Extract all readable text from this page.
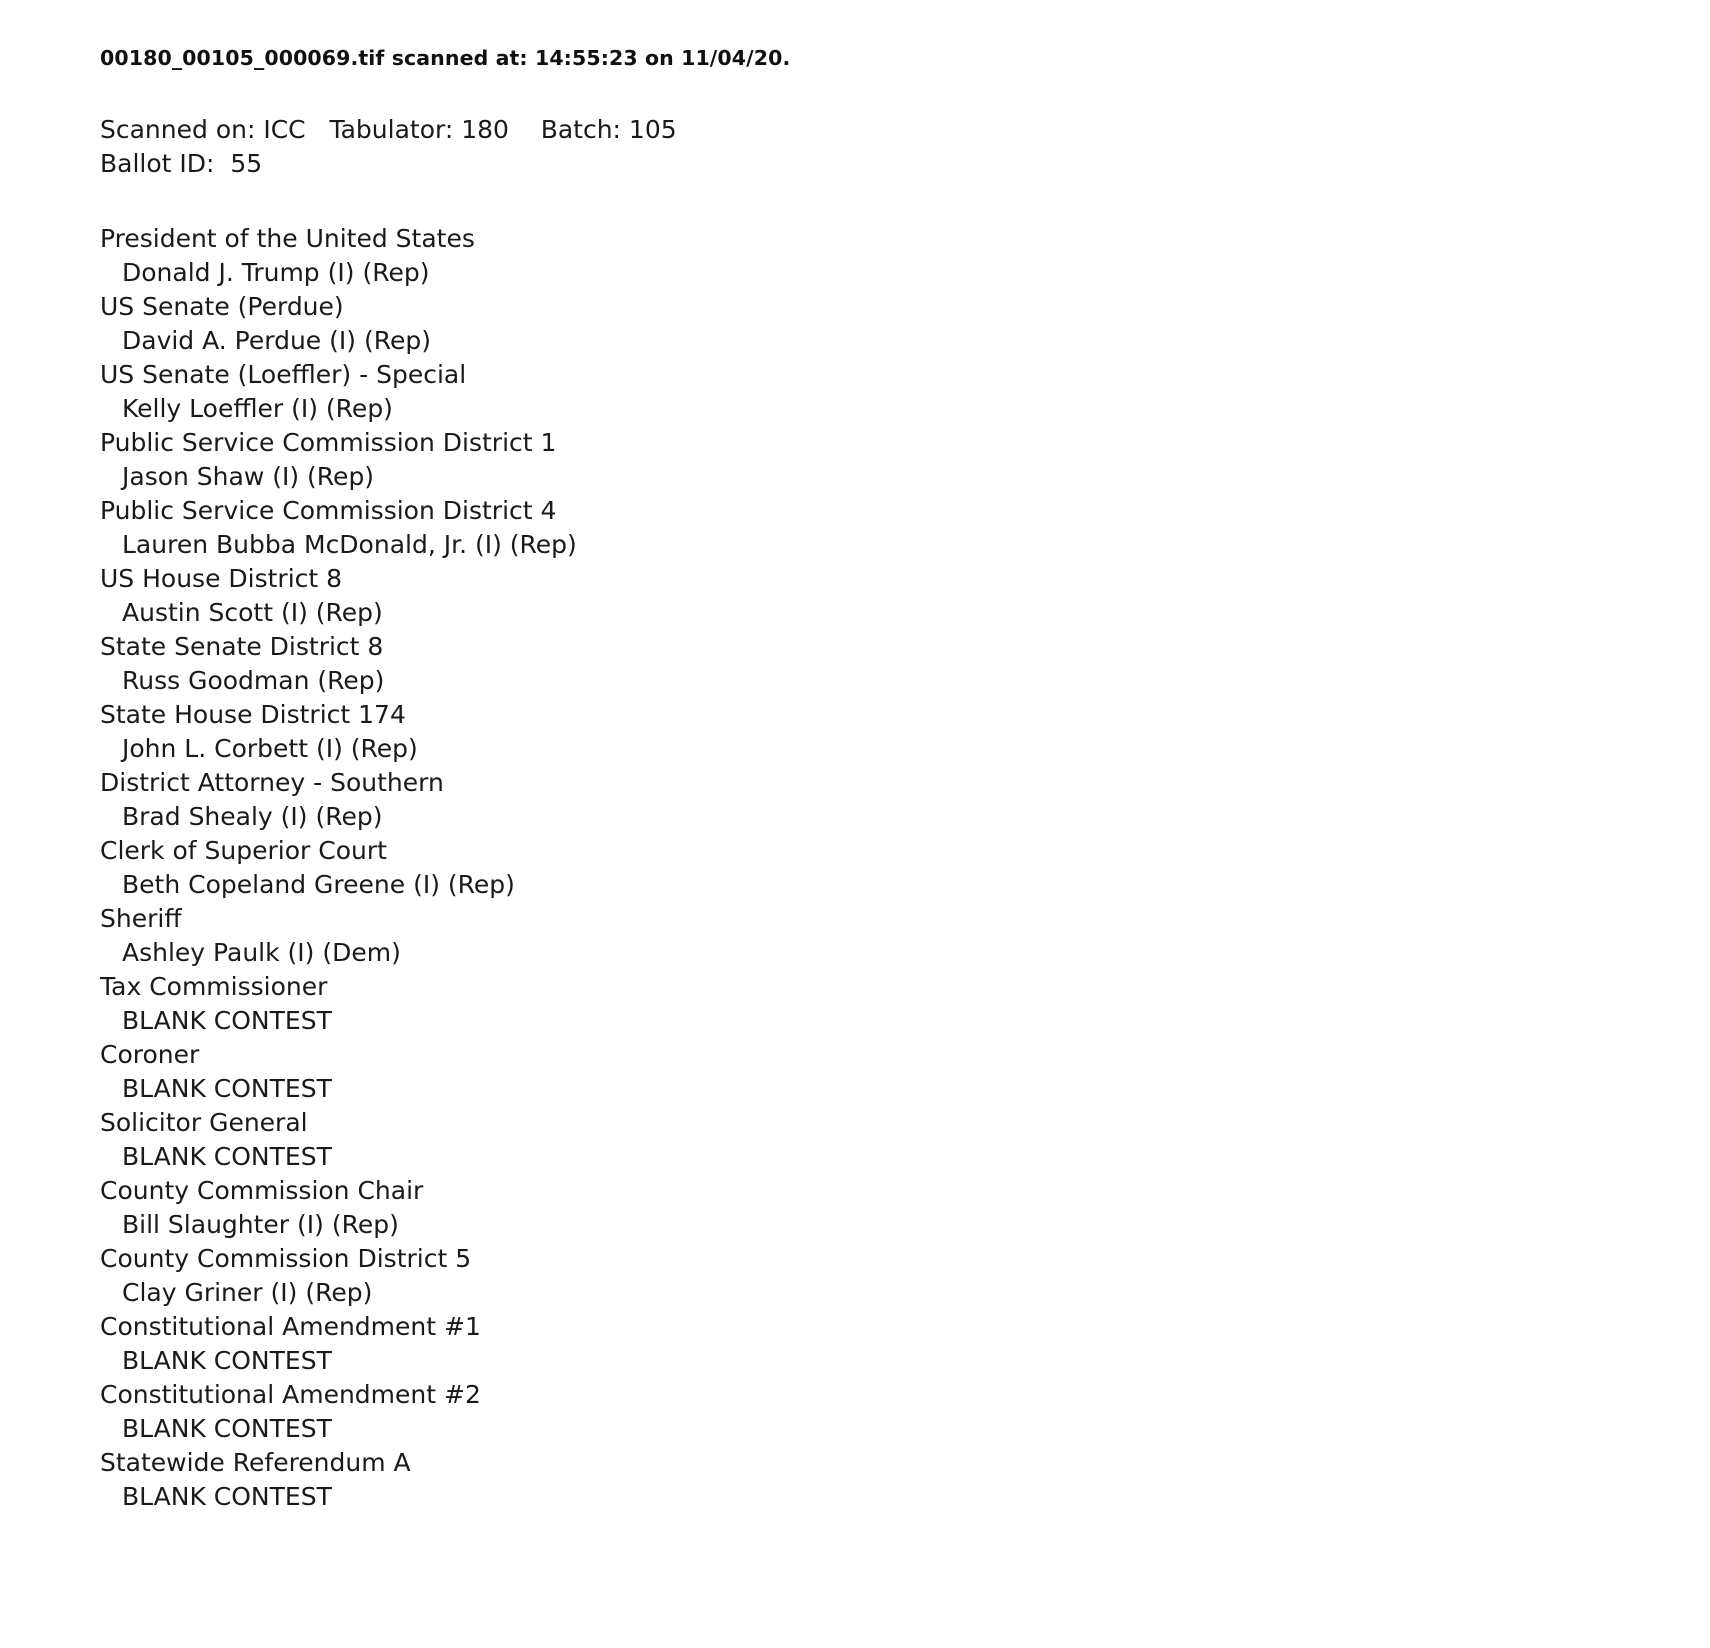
00180_00105_000069.tif scanned at: 14:55:23 on 11/04/20.
Scanned on: ICC   Tabulator: 180    Batch: 105
Ballot ID:  55
President of the United States
Donald J. Trump (I) (Rep)
US Senate (Perdue)
David A. Perdue (I) (Rep)
US Senate (Loeffler) - Special
Kelly Loeffler (I) (Rep)
Public Service Commission District 1
Jason Shaw (I) (Rep)
Public Service Commission District 4
Lauren Bubba McDonald, Jr. (I) (Rep)
US House District 8
Austin Scott (I) (Rep)
State Senate District 8
Russ Goodman (Rep)
State House District 174
John L. Corbett (I) (Rep)
District Attorney - Southern
Brad Shealy (I) (Rep)
Clerk of Superior Court
Beth Copeland Greene (I) (Rep)
Sheriff
Ashley Paulk (I) (Dem)
Tax Commissioner
BLANK CONTEST
Coroner
BLANK CONTEST
Solicitor General
BLANK CONTEST
County Commission Chair
Bill Slaughter (I) (Rep)
County Commission District 5
Clay Griner (I) (Rep)
Constitutional Amendment #1
BLANK CONTEST
Constitutional Amendment #2
BLANK CONTEST
Statewide Referendum A
BLANK CONTEST
